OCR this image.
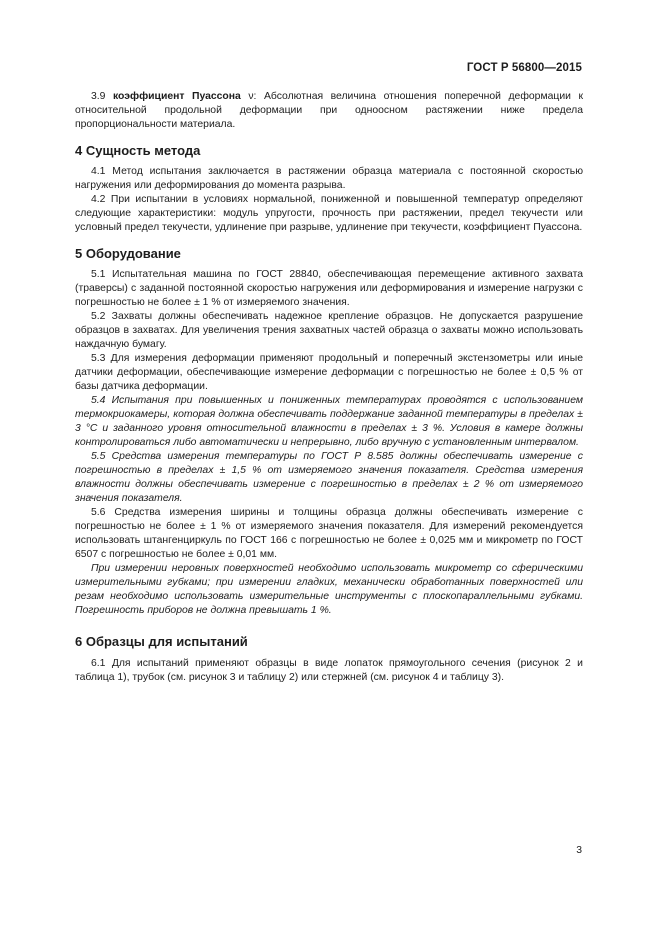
ГОСТ Р 56800—2015

3.9 коэффициент Пуассона ν: Абсолютная величина отношения поперечной деформации к относительной продольной деформации при одноосном растяжении ниже предела пропорциональности материала.

4 Сущность метода

4.1 Метод испытания заключается в растяжении образца материала с постоянной скоростью нагружения или деформирования до момента разрыва.

4.2 При испытании в условиях нормальной, пониженной и повышенной температур определяют следующие характеристики: модуль упругости, прочность при растяжении, предел текучести или условный предел текучести, удлинение при разрыве, удлинение при текучести, коэффициент Пуассона.

5 Оборудование

5.1 Испытательная машина по ГОСТ 28840, обеспечивающая перемещение активного захвата (траверсы) с заданной постоянной скоростью нагружения или деформирования и измерение нагрузки с погрешностью не более ± 1 % от измеряемого значения.

5.2 Захваты должны обеспечивать надежное крепление образцов. Не допускается разрушение образцов в захватах. Для увеличения трения захватных частей образца о захваты можно использовать наждачную бумагу.

5.3 Для измерения деформации применяют продольный и поперечный экстензометры или иные датчики деформации, обеспечивающие измерение деформации с погрешностью не более ± 0,5 % от базы датчика деформации.

5.4 Испытания при повышенных и пониженных температурах проводятся с использованием термокриокамеры, которая должна обеспечивать поддержание заданной температуры в пределах ± 3 °С и заданного уровня относительной влажности в пределах ± 3 %. Условия в камере должны контролироваться либо автоматически и непрерывно, либо вручную с установленным интервалом.

5.5 Средства измерения температуры по ГОСТ Р 8.585 должны обеспечивать измерение с погрешностью в пределах ± 1,5 % от измеряемого значения показателя. Средства измерения влажности должны обеспечивать измерение с погрешностью в пределах ± 2 % от измеряемого значения показателя.

5.6 Средства измерения ширины и толщины образца должны обеспечивать измерение с погрешностью не более ± 1 % от измеряемого значения показателя. Для измерений рекомендуется использовать штангенциркуль по ГОСТ 166 с погрешностью не более ± 0,025 мм и микрометр по ГОСТ 6507 с погрешностью не более ± 0,01 мм.

При измерении неровных поверхностей необходимо использовать микрометр со сферическими измерительными губками; при измерении гладких, механически обработанных поверхностей или резам необходимо использовать измерительные инструменты с плоскопараллельными губками. Погрешность приборов не должна превышать 1 %.

6 Образцы для испытаний

6.1 Для испытаний применяют образцы в виде лопаток прямоугольного сечения (рисунок 2 и таблица 1), трубок (см. рисунок 3 и таблицу 2) или стержней (см. рисунок 4 и таблицу 3).

3
